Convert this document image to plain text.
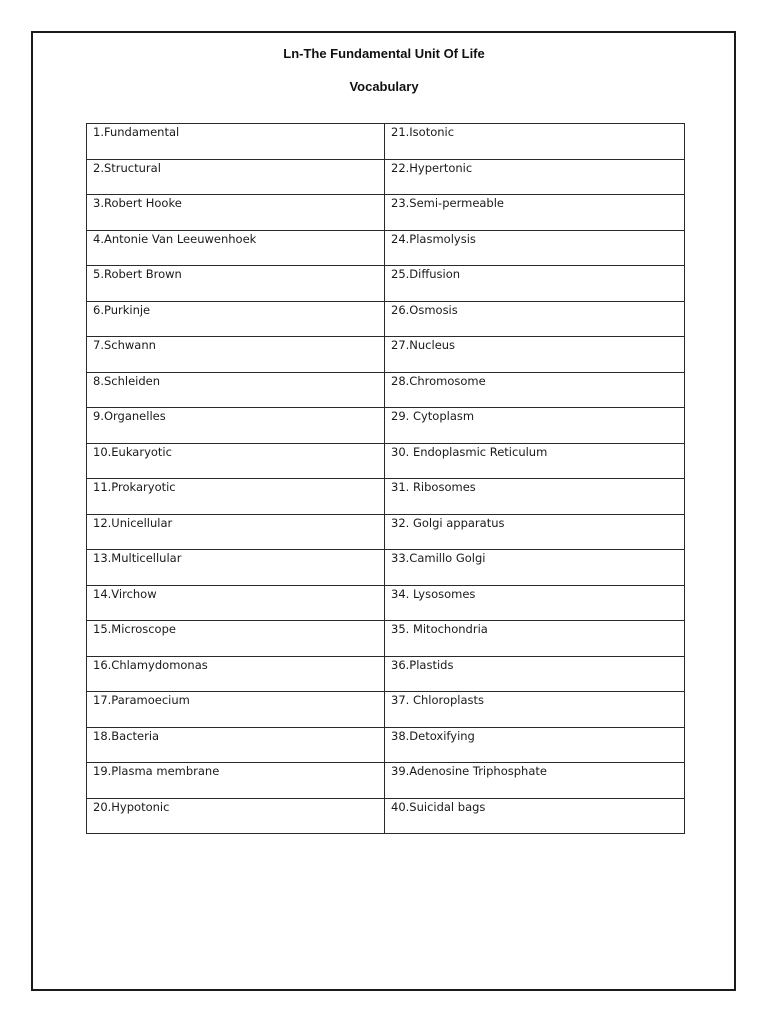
Ln-The Fundamental Unit Of Life
Vocabulary
1.Fundamental	21.Isotonic

2.Structural	22.Hypertonic

3.Robert Hooke	23.Semi-permeable

4.Antonie Van Leeuwenhoek	24.Plasmolysis

5.Robert Brown	25.Diffusion

6.Purkinje	26.Osmosis

7.Schwann	27.Nucleus

8.Schleiden	28.Chromosome

9.Organelles	29. Cytoplasm

10.Eukaryotic	30. Endoplasmic Reticulum

11.Prokaryotic	31. Ribosomes

12.Unicellular	32. Golgi apparatus

13.Multicellular	33.Camillo Golgi

14.Virchow	34. Lysosomes

15.Microscope	35. Mitochondria

16.Chlamydomonas	36.Plastids

17.Paramoecium	37. Chloroplasts

18.Bacteria	38.Detoxifying

19.Plasma membrane	39.Adenosine Triphosphate

20.Hypotonic	40.Suicidal bags
